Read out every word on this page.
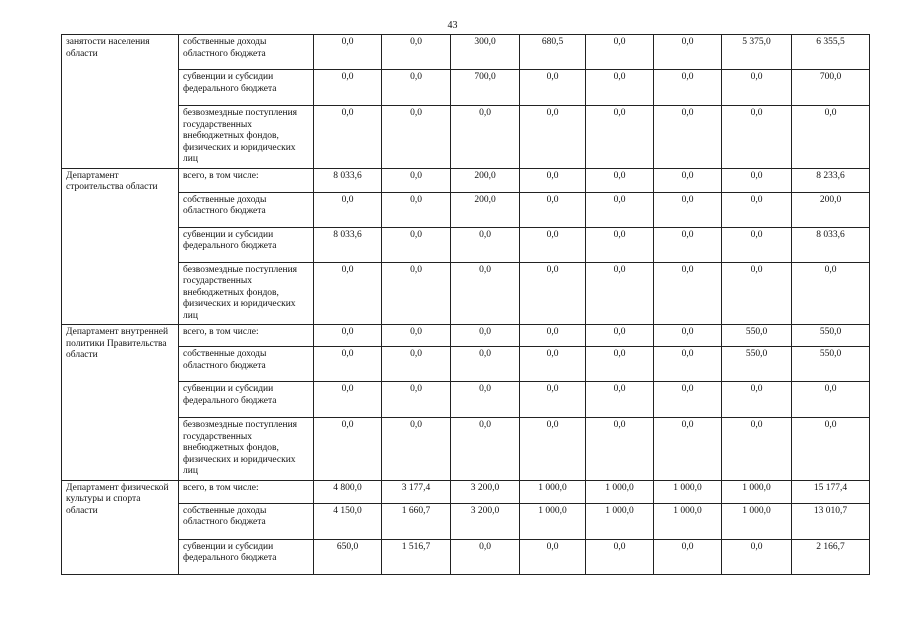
43
занятости населения области	собственные доходы областного бюджета	0,0	0,0	300,0	680,5	0,0	0,0	5 375,0	6 355,5
	субвенции и субсидии федерального бюджета	0,0	0,0	700,0	0,0	0,0	0,0	0,0	700,0
	безвозмездные поступления государственных внебюджетных фондов, физических и юридических лиц	0,0	0,0	0,0	0,0	0,0	0,0	0,0	0,0
Департамент строительства области	всего, в том числе:	8 033,6	0,0	200,0	0,0	0,0	0,0	0,0	8 233,6
	собственные доходы областного бюджета	0,0	0,0	200,0	0,0	0,0	0,0	0,0	200,0
	субвенции и субсидии федерального бюджета	8 033,6	0,0	0,0	0,0	0,0	0,0	0,0	8 033,6
	безвозмездные поступления государственных внебюджетных фондов, физических и юридических лиц	0,0	0,0	0,0	0,0	0,0	0,0	0,0	0,0
Департамент внутренней политики Правительства области	всего, в том числе:	0,0	0,0	0,0	0,0	0,0	0,0	550,0	550,0
	собственные доходы областного бюджета	0,0	0,0	0,0	0,0	0,0	0,0	550,0	550,0
	субвенции и субсидии федерального бюджета	0,0	0,0	0,0	0,0	0,0	0,0	0,0	0,0
	безвозмездные поступления государственных внебюджетных фондов, физических и юридических лиц	0,0	0,0	0,0	0,0	0,0	0,0	0,0	0,0
Департамент физической культуры и спорта области	всего, в том числе:	4 800,0	3 177,4	3 200,0	1 000,0	1 000,0	1 000,0	1 000,0	15 177,4
	собственные доходы областного бюджета	4 150,0	1 660,7	3 200,0	1 000,0	1 000,0	1 000,0	1 000,0	13 010,7
	субвенции и субсидии федерального бюджета	650,0	1 516,7	0,0	0,0	0,0	0,0	0,0	2 166,7
